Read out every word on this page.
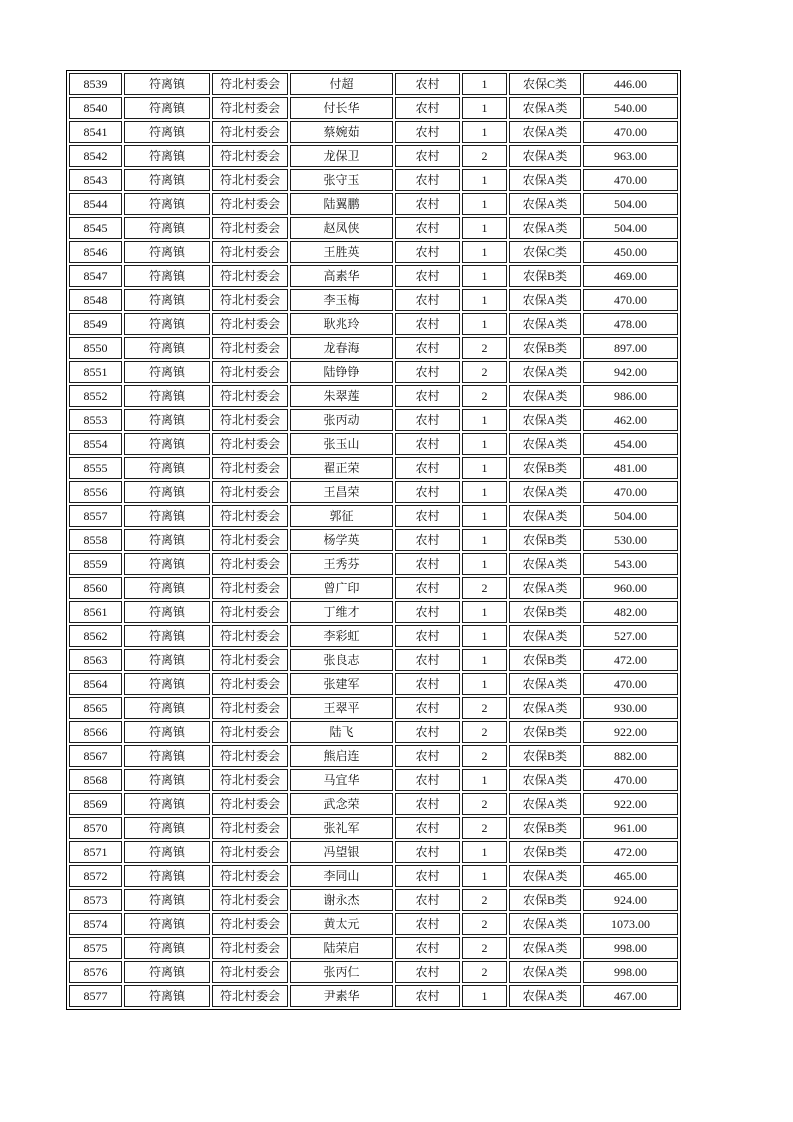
8539	符离镇	符北村委会	付超	农村	1	农保C类	446.00
8540	符离镇	符北村委会	付长华	农村	1	农保A类	540.00
8541	符离镇	符北村委会	蔡婉茹	农村	1	农保A类	470.00
8542	符离镇	符北村委会	龙保卫	农村	2	农保A类	963.00
8543	符离镇	符北村委会	张守玉	农村	1	农保A类	470.00
8544	符离镇	符北村委会	陆翼鹏	农村	1	农保A类	504.00
8545	符离镇	符北村委会	赵凤侠	农村	1	农保A类	504.00
8546	符离镇	符北村委会	王胜英	农村	1	农保C类	450.00
8547	符离镇	符北村委会	高素华	农村	1	农保B类	469.00
8548	符离镇	符北村委会	李玉梅	农村	1	农保A类	470.00
8549	符离镇	符北村委会	耿兆玲	农村	1	农保A类	478.00
8550	符离镇	符北村委会	龙春海	农村	2	农保B类	897.00
8551	符离镇	符北村委会	陆铮铮	农村	2	农保A类	942.00
8552	符离镇	符北村委会	朱翠莲	农村	2	农保A类	986.00
8553	符离镇	符北村委会	张丙动	农村	1	农保A类	462.00
8554	符离镇	符北村委会	张玉山	农村	1	农保A类	454.00
8555	符离镇	符北村委会	翟正荣	农村	1	农保B类	481.00
8556	符离镇	符北村委会	王昌荣	农村	1	农保A类	470.00
8557	符离镇	符北村委会	郭征	农村	1	农保A类	504.00
8558	符离镇	符北村委会	杨学英	农村	1	农保B类	530.00
8559	符离镇	符北村委会	王秀芬	农村	1	农保A类	543.00
8560	符离镇	符北村委会	曾广印	农村	2	农保A类	960.00
8561	符离镇	符北村委会	丁维才	农村	1	农保B类	482.00
8562	符离镇	符北村委会	李彩虹	农村	1	农保A类	527.00
8563	符离镇	符北村委会	张良志	农村	1	农保B类	472.00
8564	符离镇	符北村委会	张建军	农村	1	农保A类	470.00
8565	符离镇	符北村委会	王翠平	农村	2	农保A类	930.00
8566	符离镇	符北村委会	陆飞	农村	2	农保B类	922.00
8567	符离镇	符北村委会	熊启连	农村	2	农保B类	882.00
8568	符离镇	符北村委会	马宜华	农村	1	农保A类	470.00
8569	符离镇	符北村委会	武念荣	农村	2	农保A类	922.00
8570	符离镇	符北村委会	张礼军	农村	2	农保B类	961.00
8571	符离镇	符北村委会	冯望银	农村	1	农保B类	472.00
8572	符离镇	符北村委会	李同山	农村	1	农保A类	465.00
8573	符离镇	符北村委会	谢永杰	农村	2	农保B类	924.00
8574	符离镇	符北村委会	黄太元	农村	2	农保A类	1073.00
8575	符离镇	符北村委会	陆荣启	农村	2	农保A类	998.00
8576	符离镇	符北村委会	张丙仁	农村	2	农保A类	998.00
8577	符离镇	符北村委会	尹素华	农村	1	农保A类	467.00
